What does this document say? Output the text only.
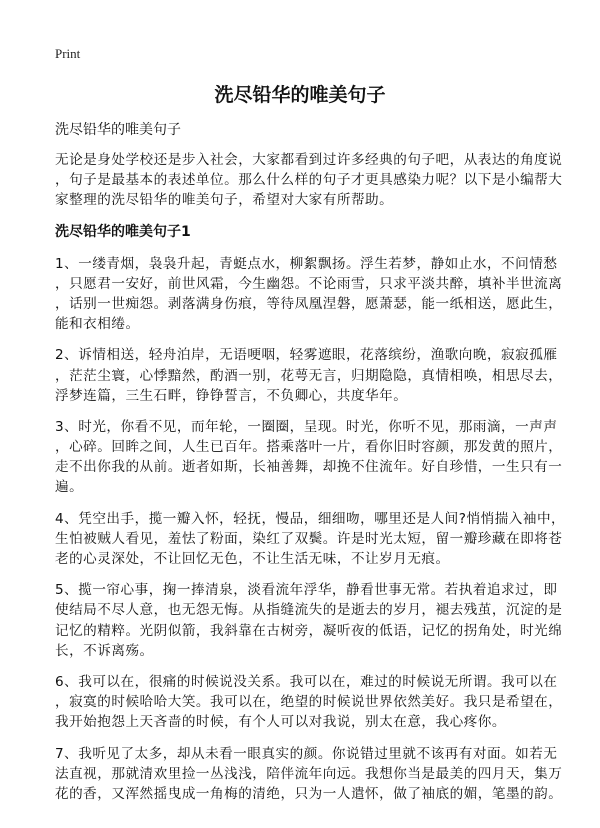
Print
洗尽铅华的唯美句子
洗尽铅华的唯美句子
无论是身处学校还是步入社会，大家都看到过许多经典的句子吧，从表达的角度说
，句子是最基本的表述单位。那么什么样的句子才更具感染力呢？以下是小编帮大
家整理的洗尽铅华的唯美句子，希望对大家有所帮助。
洗尽铅华的唯美句子1
1、一缕青烟，袅袅升起，青蜓点水，柳絮飘扬。浮生若梦，静如止水，不问情愁
，只愿君一安好，前世风霜，今生幽怨。不论雨雪，只求平淡共醉，填补半世流离
，话别一世痴怨。剥落满身伤痕，等待凤凰涅磐，愿萧瑟，能一纸相送，愿此生，
能和衣相绻。
2、诉情相送，轻舟泊岸，无语哽咽，轻雾遮眼，花落缤纷，渔歌向晚，寂寂孤雁
，茫茫尘寰，心悸黯然，酌酒一别，花萼无言，归期隐隐，真情相唤，相思尽去，
浮梦连篇，三生石畔，铮铮誓言，不负卿心，共度华年。
3、时光，你看不见，而年轮，一圈圈，呈现。时光，你听不见，那雨滴，一声声
，心碎。回眸之间，人生已百年。搭乘落叶一片，看你旧时容颜，那发黄的照片，
走不出你我的从前。逝者如斯，长袖善舞，却挽不住流年。好自珍惜，一生只有一
遍。
4、凭空出手，揽一瓣入怀，轻抚，慢品，细细吻，哪里还是人间?悄悄揣入袖中，
生怕被贼人看见，羞怯了粉面，染红了双鬓。许是时光太短，留一瓣珍藏在即将苍
老的心灵深处，不让回忆无色，不让生活无味，不让岁月无痕。
5、揽一帘心事，掬一捧清泉，淡看流年浮华，静看世事无常。若执着追求过，即
使结局不尽人意，也无怨无悔。从指缝流失的是逝去的岁月，褪去残茧，沉淀的是
记忆的精粹。光阴似箭，我斜靠在古树旁，凝听夜的低语，记忆的拐角处，时光绵
长，不诉离殇。
6、我可以在，很痛的时候说没关系。我可以在，难过的时候说无所谓。我可以在
，寂寞的时候哈哈大笑。我可以在，绝望的时候说世界依然美好。我只是希望在，
我开始抱怨上天吝啬的时候，有个人可以对我说，别太在意，我心疼你。
7、我听见了太多，却从未看一眼真实的颜。你说错过里就不该再有对面。如若无
法直视，那就清欢里捡一丛浅浅，陪伴流年向远。我想你当是最美的四月天，集万
花的香，又浑然摇曳成一角梅的清绝，只为一人遣怀，做了袖底的媚，笔墨的韵。
